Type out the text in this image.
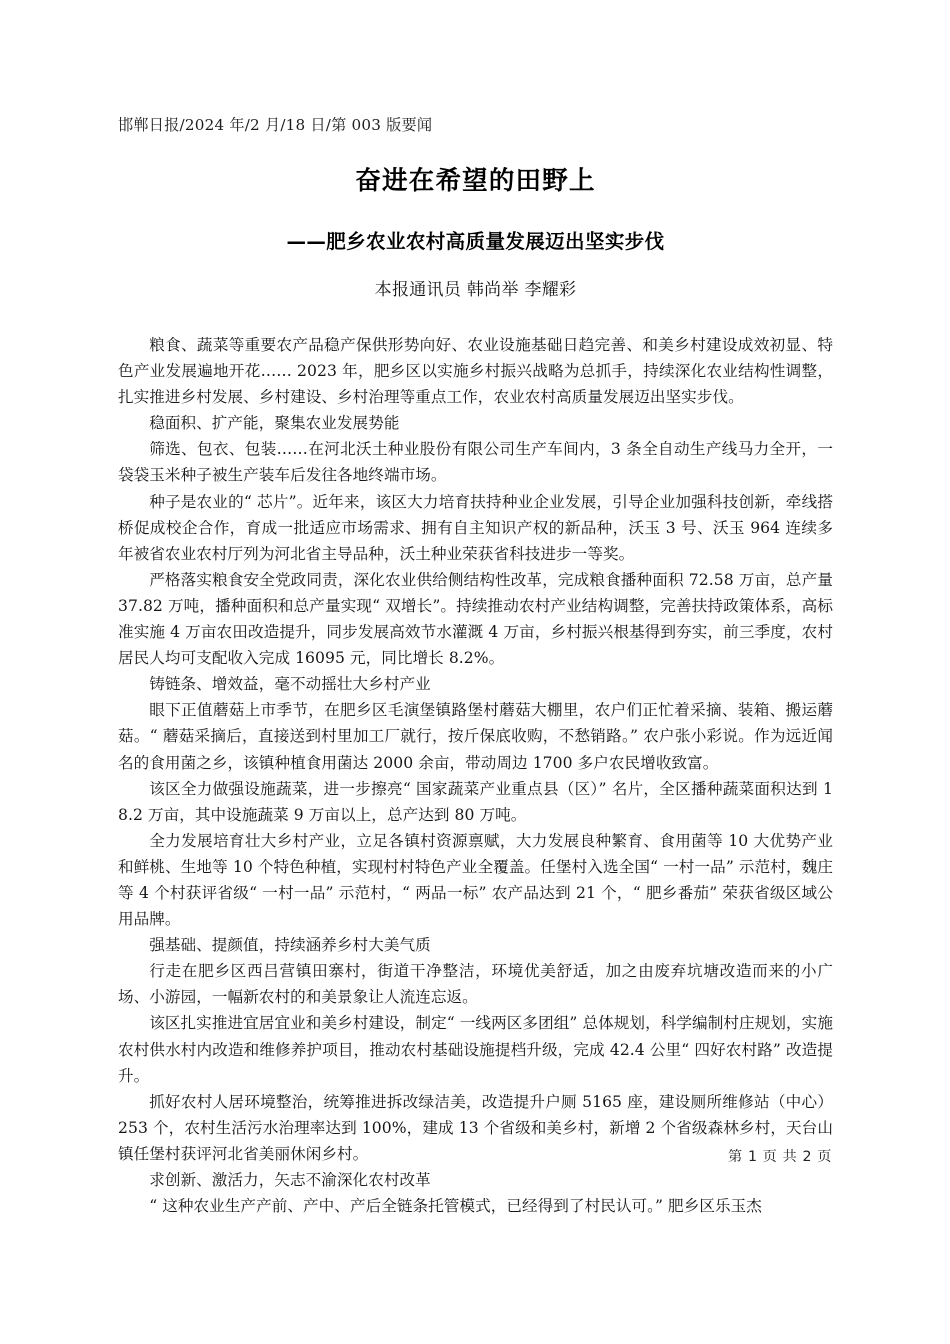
邯郸日报/2024 年/2 月/18 日/第 003 版要闻
奋进在希望的田野上
——肥乡农业农村高质量发展迈出坚实步伐
本报通讯员 韩尚举 李耀彩

粮食、蔬菜等重要农产品稳产保供形势向好、农业设施基础日趋完善、和美乡村建设成效初显、特色产业发展遍地开花…… 2023 年，肥乡区以实施乡村振兴战略为总抓手，持续深化农业结构性调整，扎实推进乡村发展、乡村建设、乡村治理等重点工作，农业农村高质量发展迈出坚实步伐。

稳面积、扩产能，聚集农业发展势能

筛选、包衣、包装……在河北沃土种业股份有限公司生产车间内，3 条全自动生产线马力全开，一袋袋玉米种子被生产装车后发往各地终端市场。

种子是农业的“ 芯片”。近年来，该区大力培育扶持种业企业发展，引导企业加强科技创新，牵线搭桥促成校企合作，育成一批适应市场需求、拥有自主知识产权的新品种，沃玉 3 号、沃玉 964 连续多年被省农业农村厅列为河北省主导品种，沃土种业荣获省科技进步一等奖。

严格落实粮食安全党政同责，深化农业供给侧结构性改革，完成粮食播种面积 72.58 万亩，总产量 37.82 万吨，播种面积和总产量实现“ 双增长”。持续推动农村产业结构调整，完善扶持政策体系，高标准实施 4 万亩农田改造提升，同步发展高效节水灌溉 4 万亩，乡村振兴根基得到夯实，前三季度，农村居民人均可支配收入完成 16095 元，同比增长 8.2%。

铸链条、增效益，毫不动摇壮大乡村产业

眼下正值蘑菇上市季节，在肥乡区毛演堡镇路堡村蘑菇大棚里，农户们正忙着采摘、装箱、搬运蘑菇。“ 蘑菇采摘后，直接送到村里加工厂就行，按斤保底收购，不愁销路。” 农户张小彩说。作为远近闻名的食用菌之乡，该镇种植食用菌达 2000 余亩，带动周边 1700 多户农民增收致富。

该区全力做强设施蔬菜，进一步擦亮“ 国家蔬菜产业重点县（区）” 名片，全区播种蔬菜面积达到 18.2 万亩，其中设施蔬菜 9 万亩以上，总产达到 80 万吨。

全力发展培育壮大乡村产业，立足各镇村资源禀赋，大力发展良种繁育、食用菌等 10 大优势产业和鲜桃、生地等 10 个特色种植，实现村村特色产业全覆盖。任堡村入选全国“ 一村一品” 示范村，魏庄等 4 个村获评省级“ 一村一品” 示范村，“ 两品一标” 农产品达到 21 个，“ 肥乡番茄” 荣获省级区域公用品牌。

强基础、提颜值，持续涵养乡村大美气质

行走在肥乡区西吕营镇田寨村，街道干净整洁，环境优美舒适，加之由废弃坑塘改造而来的小广场、小游园，一幅新农村的和美景象让人流连忘返。

该区扎实推进宜居宜业和美乡村建设，制定“ 一线两区多团组” 总体规划，科学编制村庄规划，实施农村供水村内改造和维修养护项目，推动农村基础设施提档升级，完成 42.4 公里“ 四好农村路” 改造提升。

抓好农村人居环境整治，统筹推进拆改绿洁美，改造提升户厕 5165 座，建设厕所维修站（中心）253 个，农村生活污水治理率达到 100%，建成 13 个省级和美乡村，新增 2 个省级森林乡村，天台山镇任堡村获评河北省美丽休闲乡村。

求创新、激活力，矢志不渝深化农村改革

“ 这种农业生产产前、产中、产后全链条托管模式，已经得到了村民认可。” 肥乡区乐玉杰

第 1 页 共 2 页
